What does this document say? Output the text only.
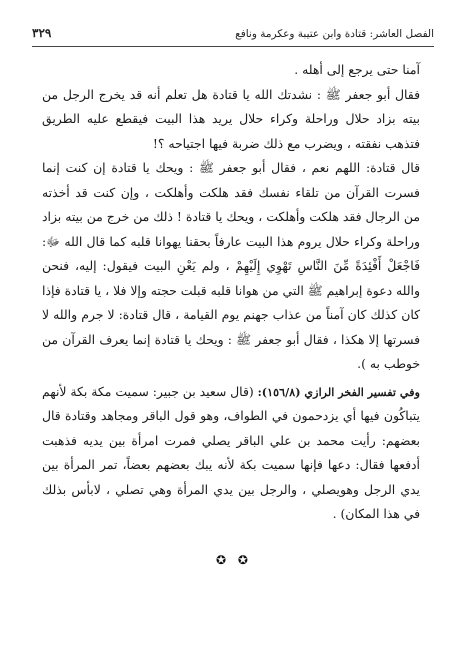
الفصل العاشر: قتادة وابن عتيبة وعكرمة ونافع
٣٢٩

آمنا حتى يرجع إلى أهله .

فقال أبو جعفر ﷺ : نشدتك الله يا قتادة هل تعلم أنه قد يخرج الرجل من بيته بزاد حلال وراحلة وكراء حلال يريد هذا البيت فيقطع عليه الطريق فتذهب نفقته ، ويضرب مع ذلك ضربة فيها اجتياحه ؟!

قال قتادة: اللهم نعم ، فقال أبو جعفر ﷺ : ويحك يا قتادة إن كنت إنما فسرت القرآن من تلقاء نفسك فقد هلكت وأهلكت ، وإن كنت قد أخذته من الرجال فقد هلكت وأهلكت ، ويحك يا قتادة ! ذلك من خرج من بيته بزاد وراحلة وكراء حلال يروم هذا البيت عارفاً بحقنا يهوانا قلبه كما قال الله ﷻ: فَاجْعَلْ أَفْئِدَةً مِّنَ النَّاسِ تَهْوِي إِلَيْهِمْ ، ولم يَعْنِ البيت فيقول: إليه، فنحن والله دعوة إبراهيم ﷺ التي من هوانا قلبه قبلت حجته وإلا فلا ، يا قتادة فإذا كان كذلك كان آمناً من عذاب جهنم يوم القيامة ، قال قتادة: لا جرم والله لا فسرتها إلا هكذا ، فقال أبو جعفر ﷺ : ويحك يا قتادة إنما يعرف القرآن من خوطب به ).

وفي تفسير الفخر الرازي (١٥٦/٨): (قال سعيد بن جبير: سميت مكة بكة لأنهم يتباكُون فيها أي يزدحمون في الطواف، وهو قول الباقر ومجاهد وقتادة قال بعضهم: رأيت محمد بن علي الباقر يصلي فمرت امرأة بين يديه فذهبت أدفعها فقال: دعها فإنها سميت بكة لأنه يبك بعضهم بعضاً، تمر المرأة بين يدي الرجل وهويصلي ، والرجل بين يدي المرأة وهي تصلي ، لابأس بذلك في هذا المكان) .

✪ ✪
